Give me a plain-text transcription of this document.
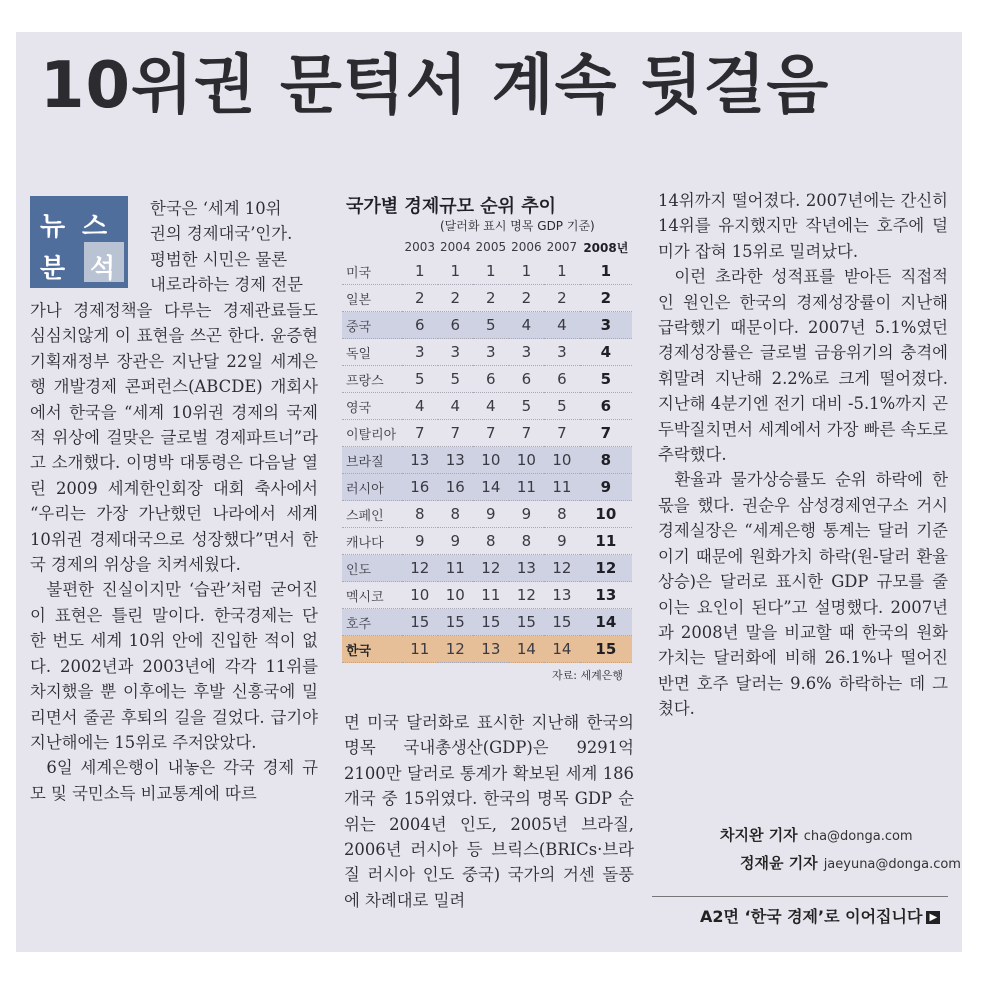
10위권 문턱서 계속 뒷걸음
뉴 스
분 석

한국은 ‘세계 10위

권의 경제대국’인가.

평범한 시민은 물론

내로라하는 경제 전문

가나 경제정책을 다루는 경제관료들도 심심치않게 이 표현을 쓰곤 한다. 윤증현 기획재정부 장관은 지난달 22일 세계은행 개발경제 콘퍼런스(ABCDE) 개회사에서 한국을 “세계 10위권 경제의 국제적 위상에 걸맞은 글로벌 경제파트너”라고 소개했다. 이명박 대통령은 다음날 열린 2009 세계한인회장 대회 축사에서 “우리는 가장 가난했던 나라에서 세계 10위권 경제대국으로 성장했다”면서 한국 경제의 위상을 치켜세웠다.

불편한 진실이지만 ‘습관’처럼 굳어진 이 표현은 틀린 말이다. 한국경제는 단 한 번도 세계 10위 안에 진입한 적이 없다. 2002년과 2003년에 각각 11위를 차지했을 뿐 이후에는 후발 신흥국에 밀리면서 줄곧 후퇴의 길을 걸었다. 급기야 지난해에는 15위로 주저앉았다.

6일 세계은행이 내놓은 각국 경제 규모 및 국민소득 비교통계에 따르

국가별 경제규모 순위 추이
(달러화 표시 명목 GDP 기준)
	2003	2004	2005	2006	2007	2008년
미국	1	1	1	1	1	1
일본	2	2	2	2	2	2
중국	6	6	5	4	4	3
독일	3	3	3	3	3	4
프랑스	5	5	6	6	6	5
영국	4	4	4	5	5	6
이탈리아	7	7	7	7	7	7
브라질	13	13	10	10	10	8
러시아	16	16	14	11	11	9
스페인	8	8	9	9	8	10
캐나다	9	9	8	8	9	11
인도	12	11	12	13	12	12
멕시코	10	10	11	12	13	13
호주	15	15	15	15	15	14
한국	11	12	13	14	14	15
자료: 세계은행

면 미국 달러화로 표시한 지난해 한국의 명목 국내총생산(GDP)은 9291억 2100만 달러로 통계가 확보된 세계 186개국 중 15위였다. 한국의 명목 GDP 순위는 2004년 인도, 2005년 브라질, 2006년 러시아 등 브릭스(BRICs·브라질 러시아 인도 중국) 국가의 거센 돌풍에 차례대로 밀려

14위까지 떨어졌다. 2007년에는 간신히 14위를 유지했지만 작년에는 호주에 덜미가 잡혀 15위로 밀려났다.

이런 초라한 성적표를 받아든 직접적인 원인은 한국의 경제성장률이 지난해 급락했기 때문이다. 2007년 5.1%였던 경제성장률은 글로벌 금융위기의 충격에 휘말려 지난해 2.2%로 크게 떨어졌다. 지난해 4분기엔 전기 대비 -5.1%까지 곤두박질치면서 세계에서 가장 빠른 속도로 추락했다.

환율과 물가상승률도 순위 하락에 한몫을 했다. 권순우 삼성경제연구소 거시경제실장은 “세계은행 통계는 달러 기준이기 때문에 원화가치 하락(원-달러 환율 상승)은 달러로 표시한 GDP 규모를 줄이는 요인이 된다”고 설명했다. 2007년과 2008년 말을 비교할 때 한국의 원화가치는 달러화에 비해 26.1%나 떨어진 반면 호주 달러는 9.6% 하락하는 데 그쳤다.

차지완 기자 cha@donga.com
정재윤 기자 jaeyuna@donga.com
A2면 ‘한국 경제’로 이어집니다 ▶
